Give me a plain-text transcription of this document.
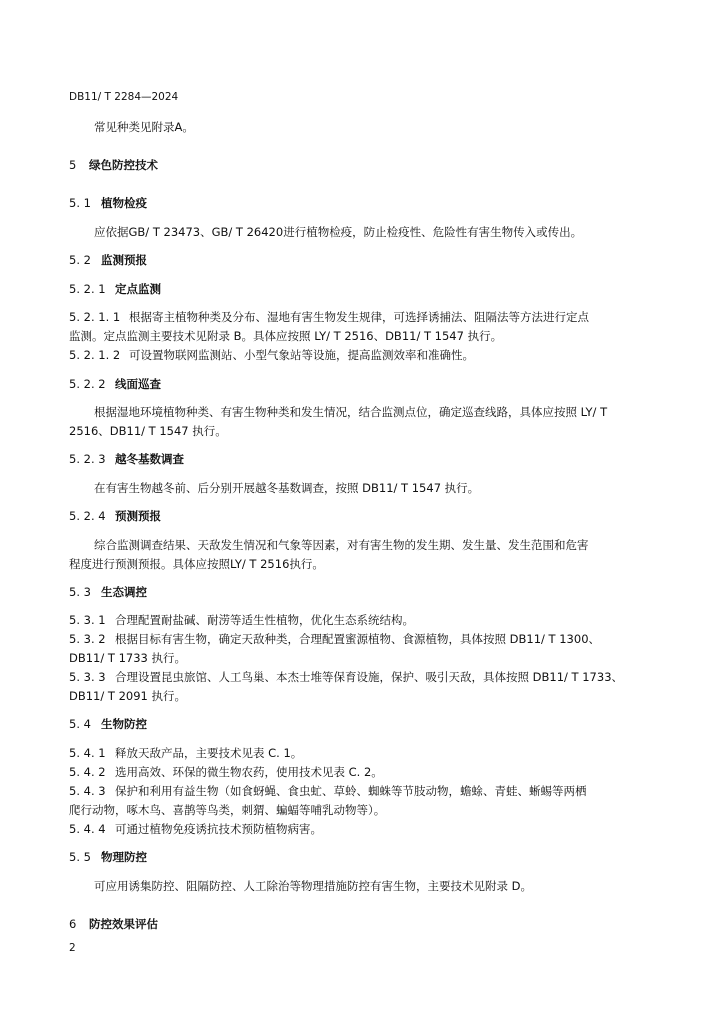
DB11/ T 2284—2024
常见种类见附录A。
5 绿色防控技术
5. 1 植物检疫
应依据GB/ T 23473、GB/ T 26420进行植物检疫，防止检疫性、危险性有害生物传入或传出。
5. 2 监测预报
5. 2. 1 定点监测
5. 2. 1. 1 根据寄主植物种类及分布、湿地有害生物发生规律，可选择诱捕法、阻隔法等方法进行定点
监测。定点监测主要技术见附录 B。具体应按照 LY/ T 2516、DB11/ T 1547 执行。
5. 2. 1. 2 可设置物联网监测站、小型气象站等设施，提高监测效率和准确性。
5. 2. 2 线面巡查
根据湿地环境植物种类、有害生物种类和发生情况，结合监测点位，确定巡查线路，具体应按照 LY/ T
2516、DB11/ T 1547 执行。
5. 2. 3 越冬基数调查
在有害生物越冬前、后分别开展越冬基数调查，按照 DB11/ T 1547 执行。
5. 2. 4 预测预报
综合监测调查结果、天敌发生情况和气象等因素，对有害生物的发生期、发生量、发生范围和危害
程度进行预测预报。具体应按照LY/ T 2516执行。
5. 3 生态调控
5. 3. 1 合理配置耐盐碱、耐涝等适生性植物，优化生态系统结构。
5. 3. 2 根据目标有害生物，确定天敌种类，合理配置蜜源植物、食源植物，具体按照 DB11/ T 1300、
DB11/ T 1733 执行。
5. 3. 3 合理设置昆虫旅馆、人工鸟巢、本杰士堆等保育设施，保护、吸引天敌，具体按照 DB11/ T 1733、
DB11/ T 2091 执行。
5. 4 生物防控
5. 4. 1 释放天敌产品，主要技术见表 C. 1。
5. 4. 2 选用高效、环保的微生物农药，使用技术见表 C. 2。
5. 4. 3 保护和利用有益生物（如食蚜蝇、食虫虻、草蛉、蜘蛛等节肢动物，蟾蜍、青蛙、蜥蜴等两栖
爬行动物，啄木鸟、喜鹊等鸟类，刺猬、蝙蝠等哺乳动物等）。
5. 4. 4 可通过植物免疫诱抗技术预防植物病害。
5. 5 物理防控
可应用诱集防控、阻隔防控、人工除治等物理措施防控有害生物，主要技术见附录 D。
6 防控效果评估
2
